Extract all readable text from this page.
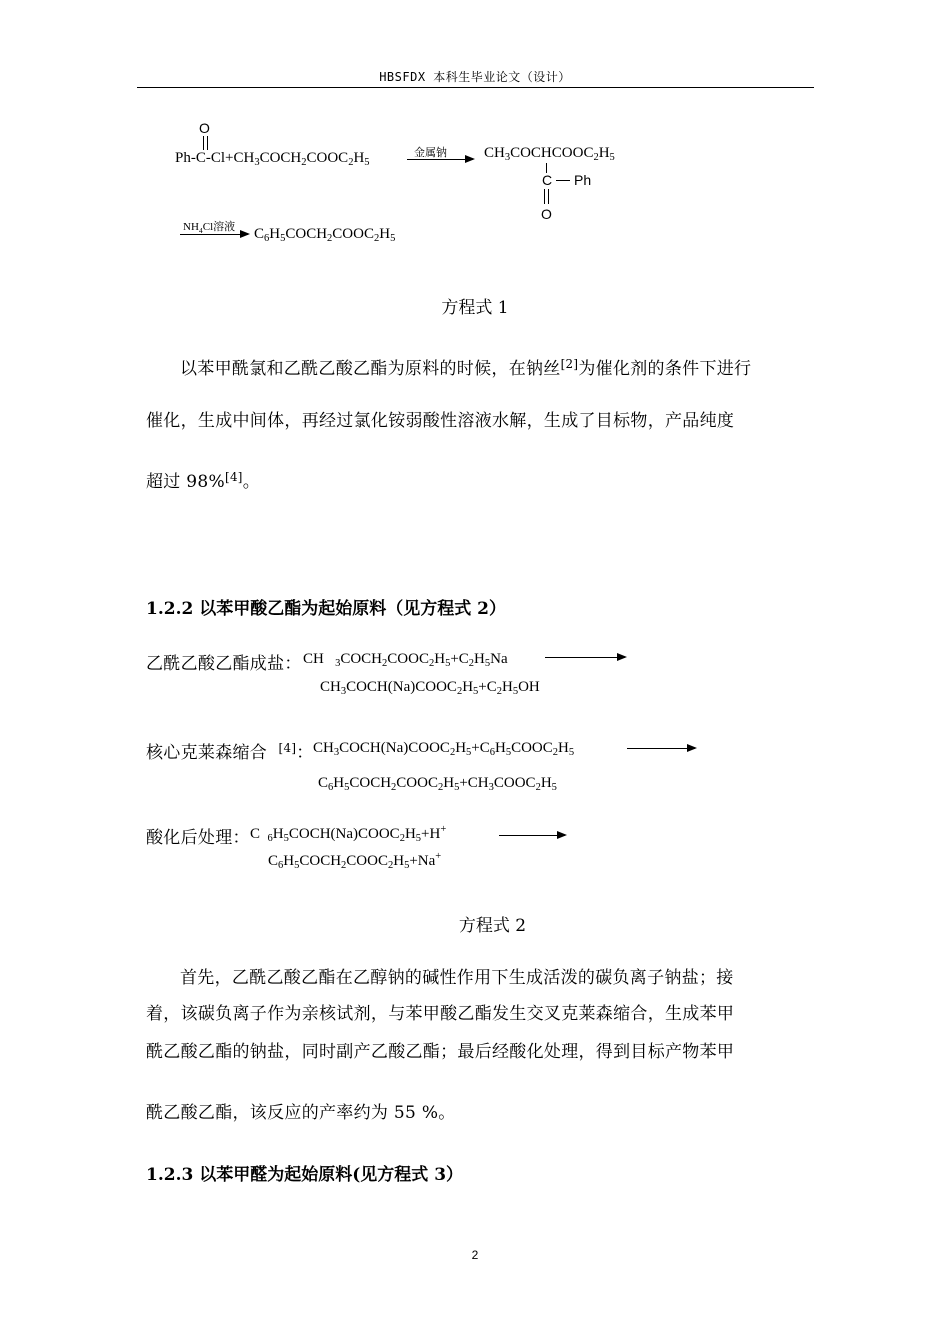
HBSFDX 本科生毕业论文（设计）
O
$Ph-C-Cl+CH_3COCH_2COOC_2H_5$
金属钠 $CH_3COCHCOOC_2H_5$
C Ph
O
$NH_4Cl$溶液 $C_6H_5COCH_2COOC_2H_5$
方程式 1
以苯甲酰氯和乙酰乙酸乙酯为原料的时候，在钠丝[2]为催化剂的条件下进行
催化，生成中间体，再经过氯化铵弱酸性溶液水解，生成了目标物，产品纯度
超过 98%[4]。
1.2.2 以苯甲酸乙酯为起始原料（见方程式 2）
乙酰乙酸乙酯成盐： CH $_3COCH_2COOC_2H_5+C_2H_5Na$
$CH_3COCH(Na)COOC_2H_5+C_2H_5OH$
核心克莱森缩合 [4]： $CH_3COCH(Na)COOC_2H_5+C_6H_5COOC_2H_5$
$C_6H_5COCH_2COOC_2H_5+CH_3COOC_2H_5$
酸化后处理： C $_6H_5COCH(Na)COOC_2H_5+H^+$
$C_6H_5COCH_2COOC_2H_5+Na^+$
方程式 2
首先，乙酰乙酸乙酯在乙醇钠的碱性作用下生成活泼的碳负离子钠盐；接
着，该碳负离子作为亲核试剂，与苯甲酸乙酯发生交叉克莱森缩合，生成苯甲
酰乙酸乙酯的钠盐，同时副产乙酸乙酯；最后经酸化处理，得到目标产物苯甲
酰乙酸乙酯，该反应的产率约为 55 %。
1.2.3 以苯甲醛为起始原料(见方程式 3）
2
